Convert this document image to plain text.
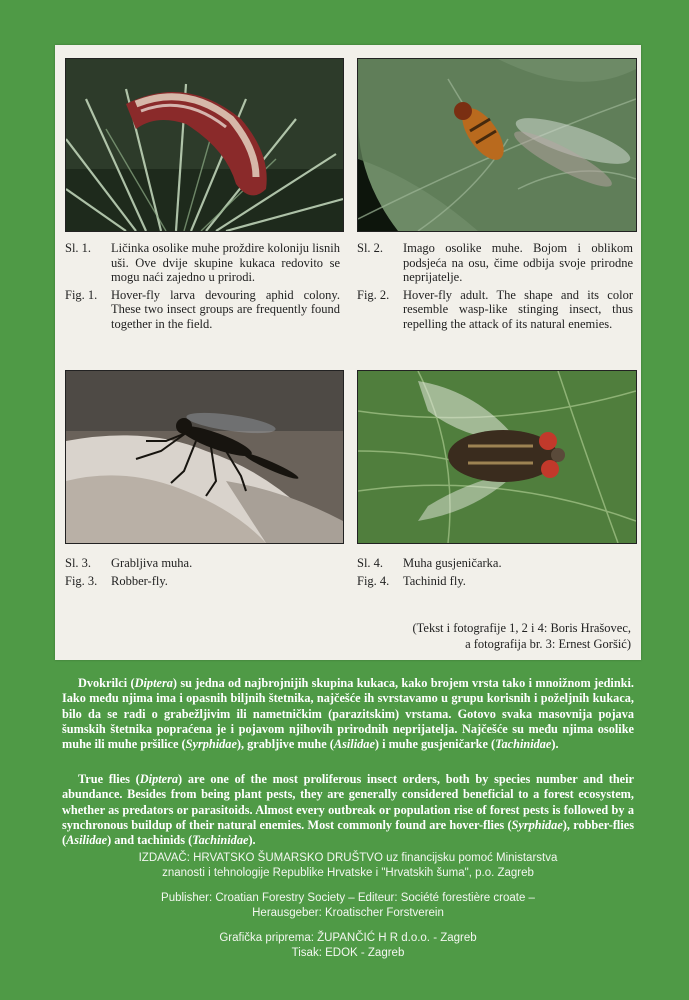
Sl. 1.	Ličinka osolike muhe proždire koloniju lisnih uši. Ove dvije skupine kukaca redovito se mogu naći zajedno u prirodi.
Fig. 1.	Hover-fly larva devouring aphid colony. These two insect groups are frequently found together in the field.
Sl. 2.	Imago osolike muhe. Bojom i oblikom podsjeća na osu, čime odbija svoje prirodne neprijatelje.
Fig. 2.	Hover-fly adult. The shape and its color resemble wasp-like stinging insect, thus repelling the attack of its natural enemies.
Sl. 3.	Grabljiva muha.
Fig. 3.	Robber-fly.
Sl. 4.	Muha gusjeničarka.
Fig. 4.	Tachinid fly.
(Tekst i fotografije 1, 2 i 4: Boris Hrašovec,
a fotografija br. 3: Ernest Goršić)

Dvokrilci (Diptera) su jedna od najbrojnijih skupina kukaca, kako brojem vrsta tako i mnoižnom jedinki. Iako među njima ima i opasnih biljnih štetnika, najčešće ih svrstavamo u grupu korisnih i poželjnih kukaca, bilo da se radi o grabežljivim ili nametničkim (parazitskim) vrstama. Gotovo svaka masovnija pojava šumskih štetnika popraćena je i pojavom njihovih prirodnih neprijatelja. Najčešće su među njima osolike muhe ili muhe pršilice (Syrphidae), grabljive muhe (Asilidae) i muhe gusjeničarke (Tachinidae).

True flies (Diptera) are one of the most proliferous insect orders, both by species number and their abundance. Besides from being plant pests, they are generally considered beneficial to a forest ecosystem, whether as predators or parasitoids. Almost every outbreak or population rise of forest pests is followed by a synchronous buildup of their natural enemies. Most commonly found are hover-flies (Syrphidae), robber-flies (Asilidae) and tachinids (Tachinidae).

IZDAVAČ: HRVATSKO ŠUMARSKO DRUŠTVO uz financijsku pomoć Ministarstva
znanosti i tehnologije Republike Hrvatske i "Hrvatskih šuma", p.o. Zagreb
Publisher: Croatian Forestry Society – Editeur: Société forestière croate –
Herausgeber: Kroatischer Forstverein
Grafička priprema: ŽUPANČIĆ H R d.o.o. - Zagreb
Tisak: EDOK - Zagreb
